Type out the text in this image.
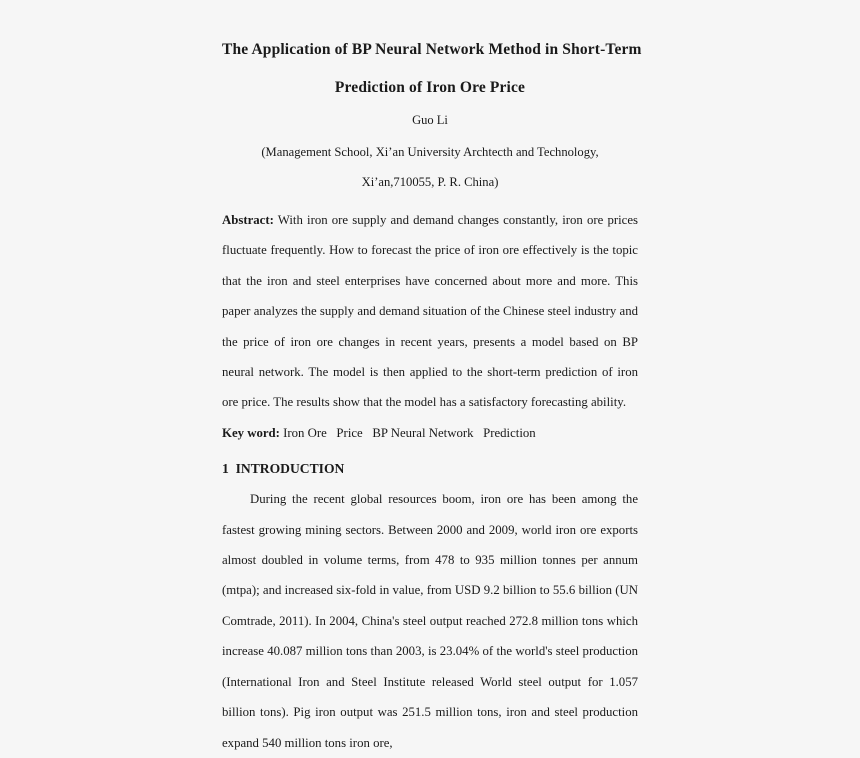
The Application of BP Neural Network Method in Short-Term
Prediction of Iron Ore Price
Guo Li
(Management School, Xi’an University Archtecth and Technology,
Xi’an,710055, P. R. China)

Abstract: With iron ore supply and demand changes constantly, iron ore prices fluctuate frequently. How to forecast the price of iron ore effectively is the topic that the iron and steel enterprises have concerned about more and more. This paper analyzes the supply and demand situation of the Chinese steel industry and the price of iron ore changes in recent years, presents a model based on BP neural network. The model is then applied to the short-term prediction of iron ore price. The results show that the model has a satisfactory forecasting ability.

Key word: Iron Ore   Price   BP Neural Network   Prediction

1  INTRODUCTION

During the recent global resources boom, iron ore has been among the fastest growing mining sectors. Between 2000 and 2009, world iron ore exports almost doubled in volume terms, from 478 to 935 million tonnes per annum (mtpa); and increased six-fold in value, from USD 9.2 billion to 55.6 billion (UN Comtrade, 2011). In 2004, China's steel output reached 272.8 million tons which increase 40.087 million tons than 2003, is 23.04% of the world's steel production (International Iron and Steel Institute released World steel output for 1.057 billion tons). Pig iron output was 251.5 million tons, iron and steel production expand 540 million tons iron ore,
